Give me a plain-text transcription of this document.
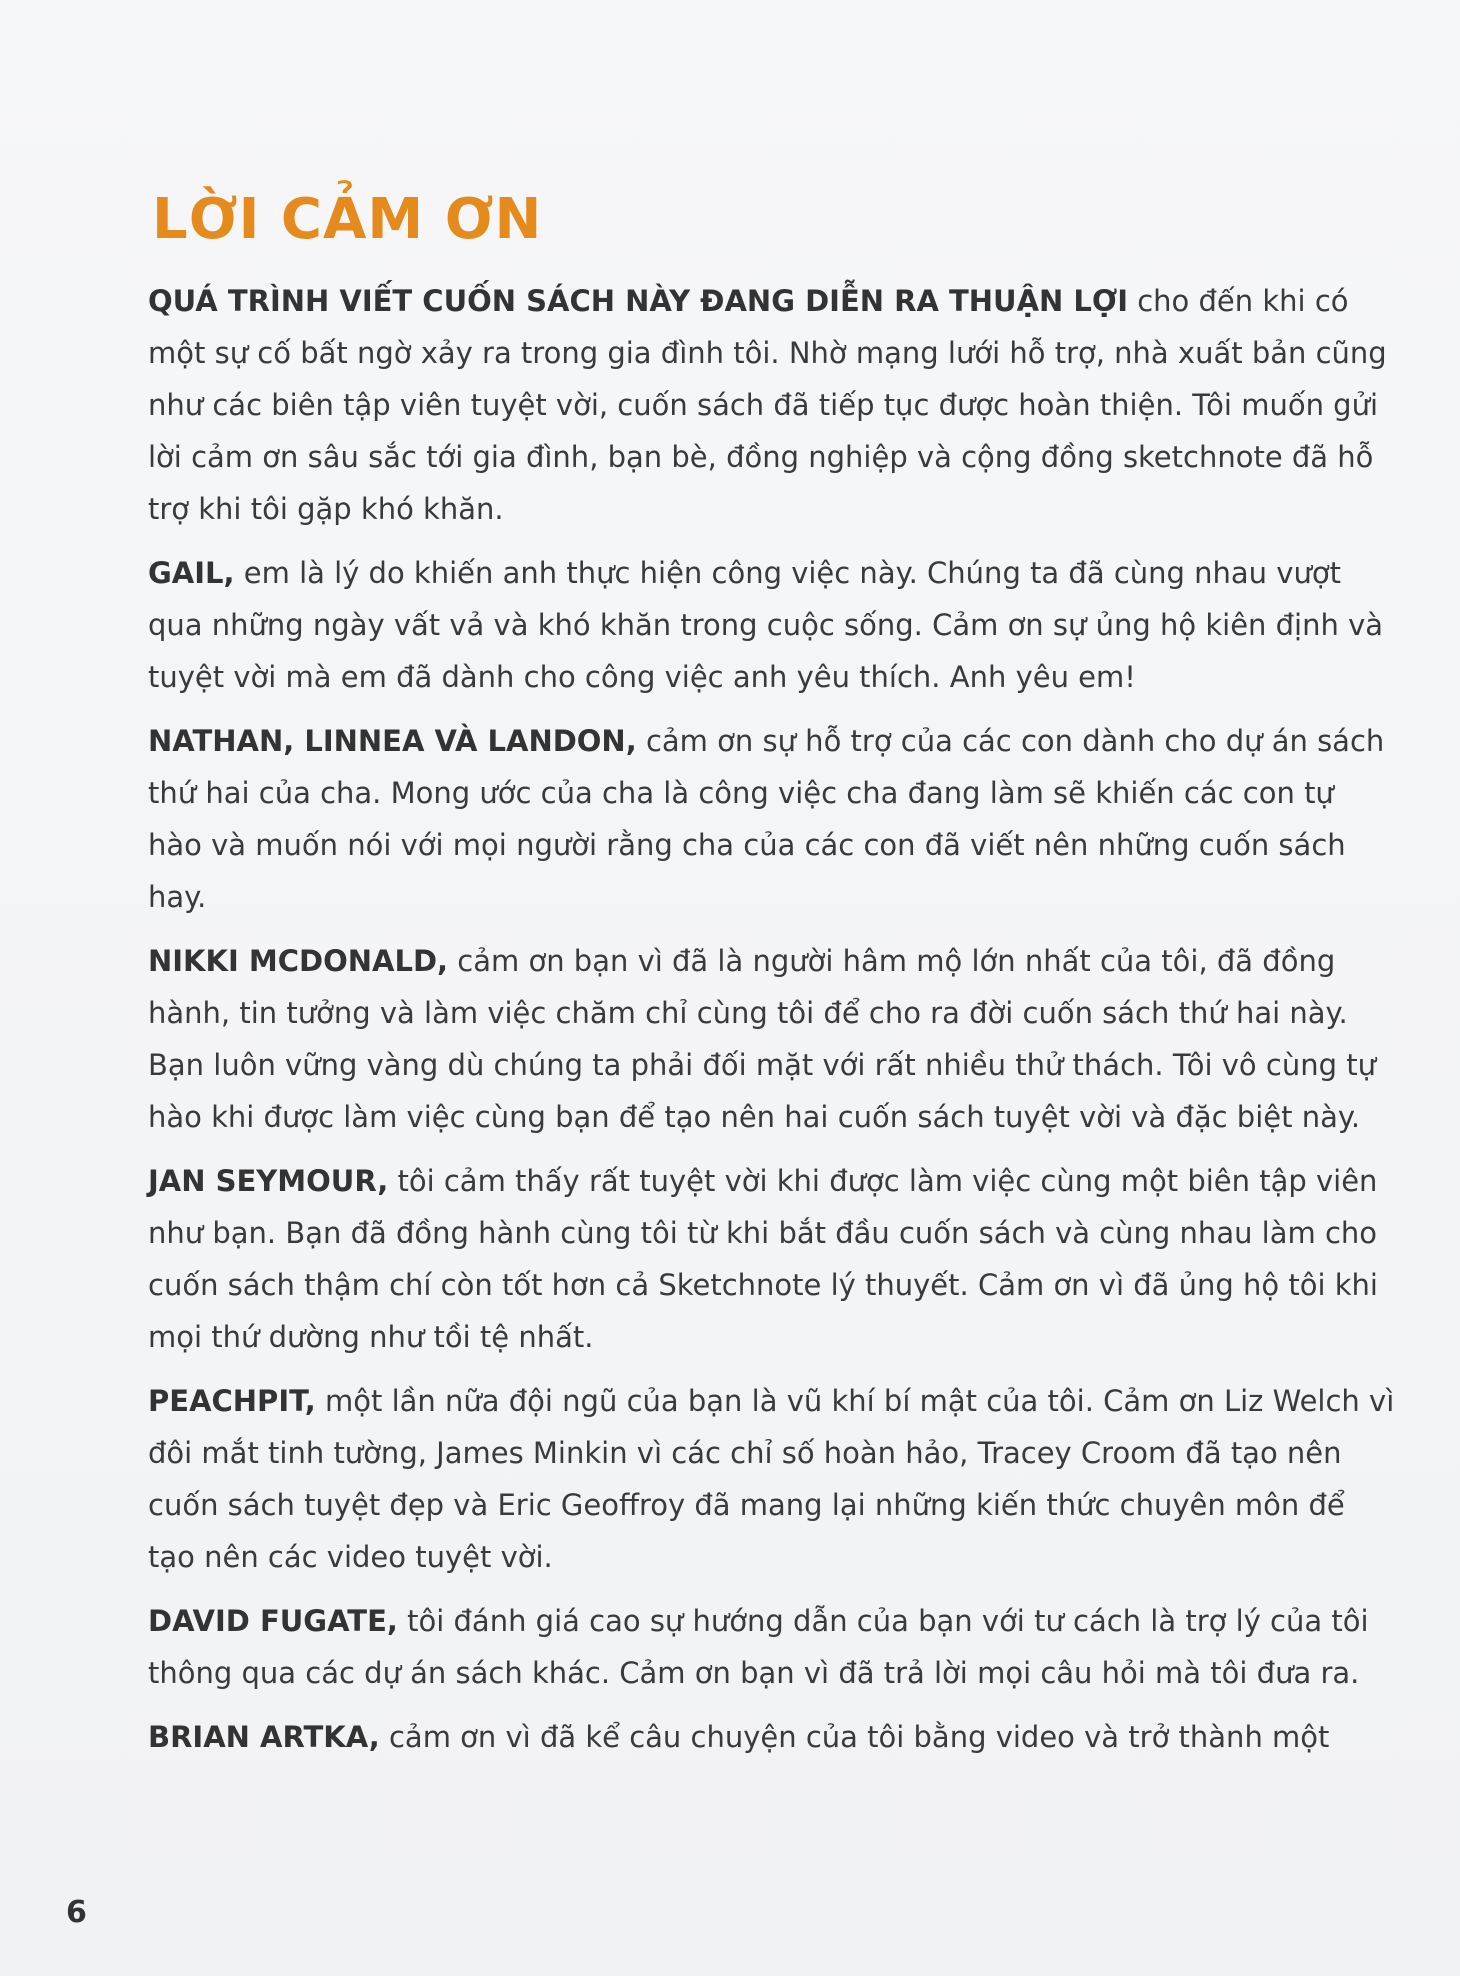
LỜI CẢM ƠN

QUÁ TRÌNH VIẾT CUỐN SÁCH NÀY ĐANG DIỄN RA THUẬN LỢI cho đến khi có một sự cố bất ngờ xảy ra trong gia đình tôi. Nhờ mạng lưới hỗ trợ, nhà xuất bản cũng như các biên tập viên tuyệt vời, cuốn sách đã tiếp tục được hoàn thiện. Tôi muốn gửi lời cảm ơn sâu sắc tới gia đình, bạn bè, đồng nghiệp và cộng đồng sketchnote đã hỗ trợ khi tôi gặp khó khăn.

GAIL, em là lý do khiến anh thực hiện công việc này. Chúng ta đã cùng nhau vượt qua những ngày vất vả và khó khăn trong cuộc sống. Cảm ơn sự ủng hộ kiên định và tuyệt vời mà em đã dành cho công việc anh yêu thích. Anh yêu em!

NATHAN, LINNEA VÀ LANDON, cảm ơn sự hỗ trợ của các con dành cho dự án sách thứ hai của cha. Mong ước của cha là công việc cha đang làm sẽ khiến các con tự hào và muốn nói với mọi người rằng cha của các con đã viết nên những cuốn sách hay.

NIKKI MCDONALD, cảm ơn bạn vì đã là người hâm mộ lớn nhất của tôi, đã đồng hành, tin tưởng và làm việc chăm chỉ cùng tôi để cho ra đời cuốn sách thứ hai này. Bạn luôn vững vàng dù chúng ta phải đối mặt với rất nhiều thử thách. Tôi vô cùng tự hào khi được làm việc cùng bạn để tạo nên hai cuốn sách tuyệt vời và đặc biệt này.

JAN SEYMOUR, tôi cảm thấy rất tuyệt vời khi được làm việc cùng một biên tập viên như bạn. Bạn đã đồng hành cùng tôi từ khi bắt đầu cuốn sách và cùng nhau làm cho cuốn sách thậm chí còn tốt hơn cả Sketchnote lý thuyết. Cảm ơn vì đã ủng hộ tôi khi mọi thứ dường như tồi tệ nhất.

PEACHPIT, một lần nữa đội ngũ của bạn là vũ khí bí mật của tôi. Cảm ơn Liz Welch vì đôi mắt tinh tường, James Minkin vì các chỉ số hoàn hảo, Tracey Croom đã tạo nên cuốn sách tuyệt đẹp và Eric Geoffroy đã mang lại những kiến thức chuyên môn để tạo nên các video tuyệt vời.

DAVID FUGATE, tôi đánh giá cao sự hướng dẫn của bạn với tư cách là trợ lý của tôi thông qua các dự án sách khác. Cảm ơn bạn vì đã trả lời mọi câu hỏi mà tôi đưa ra.

BRIAN ARTKA, cảm ơn vì đã kể câu chuyện của tôi bằng video và trở thành một

6
